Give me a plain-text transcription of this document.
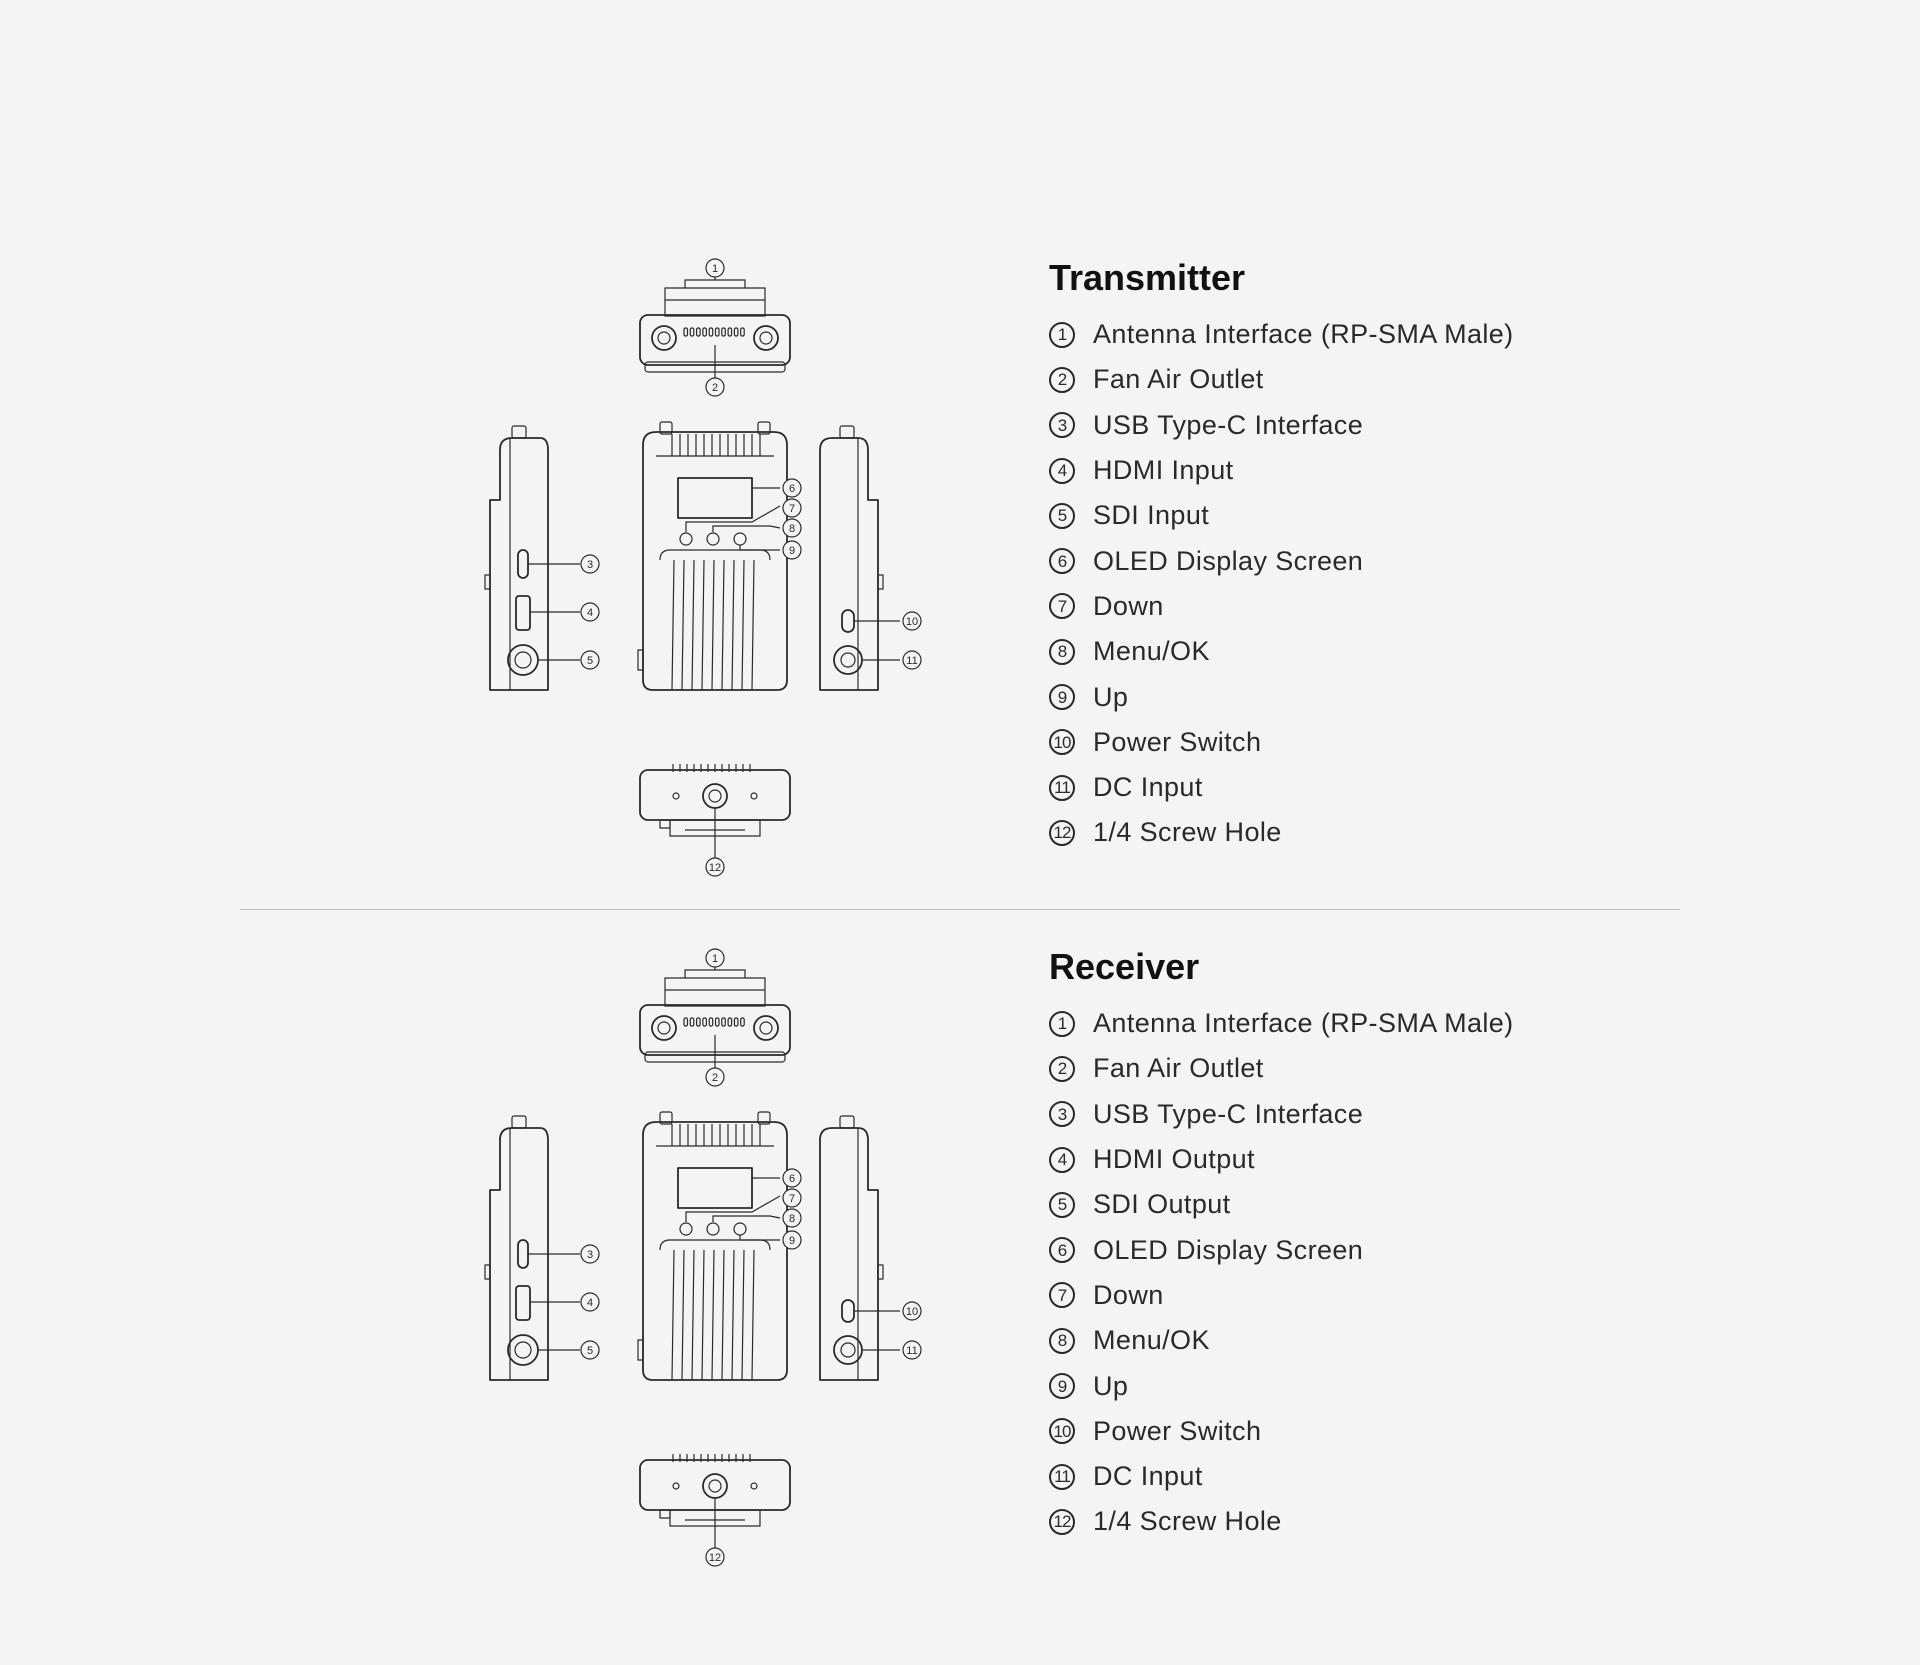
1
2
6
7
8
9
3
4
5
10
11
12
Transmitter
1 Antenna Interface (RP-SMA Male)
2 Fan Air Outlet
3 USB Type-C Interface
4 HDMI Input
5 SDI Input
6 OLED Display Screen
7 Down
8 Menu/OK
9 Up
10 Power Switch
11 DC Input
12 1/4 Screw Hole
1
2
6
7
8
9
3
4
5
10
11
12
Receiver
1 Antenna Interface (RP-SMA Male)
2 Fan Air Outlet
3 USB Type-C Interface
4 HDMI Output
5 SDI Output
6 OLED Display Screen
7 Down
8 Menu/OK
9 Up
10 Power Switch
11 DC Input
12 1/4 Screw Hole
